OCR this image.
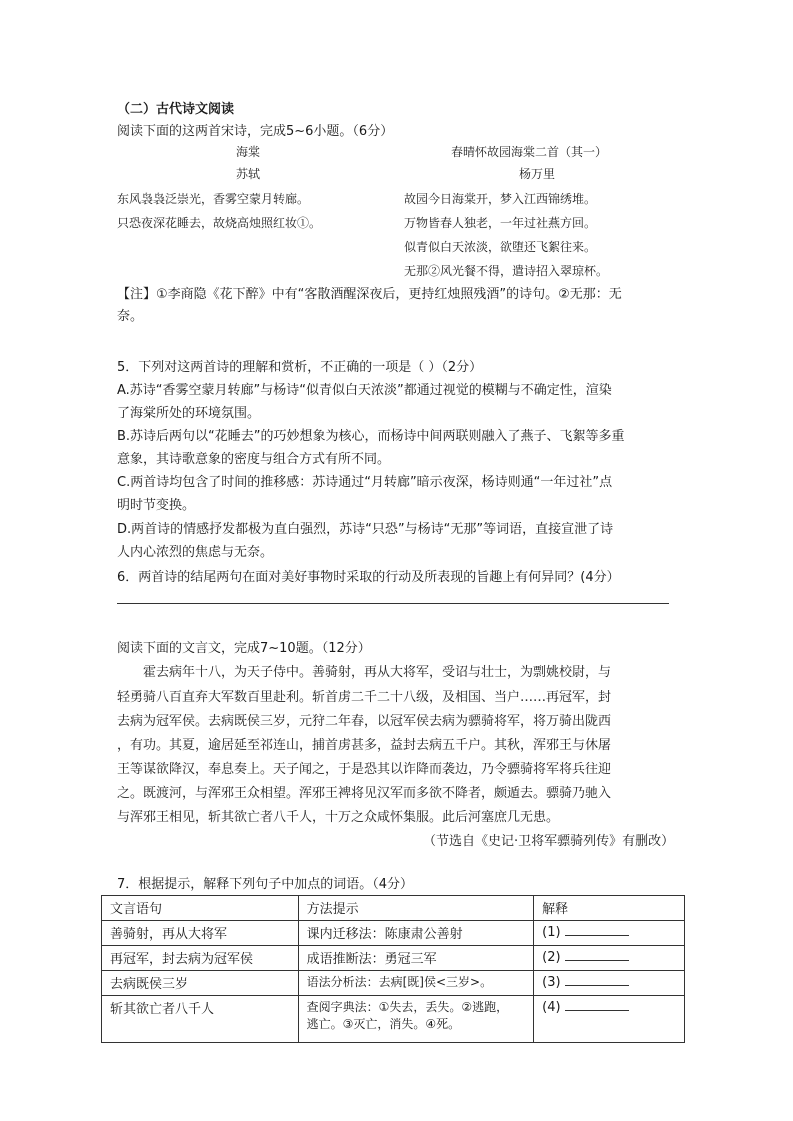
（二）古代诗文阅读
阅读下面的这两首宋诗，完成5~6小题。（6分）
海棠
苏轼
东风袅袅泛崇光，香雾空蒙月转廊。
只恐夜深花睡去，故烧高烛照红妆①。
春晴怀故园海棠二首（其一）
杨万里
故园今日海棠开，梦入江西锦绣堆。
万物皆春人独老，一年过社燕方回。
似青似白天浓淡，欲堕还飞絮往来。
无那②风光餐不得，遣诗招入翠琼杯。
【注】①李商隐《花下醉》中有“客散酒醒深夜后，更持红烛照残酒”的诗句。②无那：无
奈。
5．下列对这两首诗的理解和赏析，不正确的一项是（ ）（2分）
A.苏诗“香雾空蒙月转廊”与杨诗“似青似白天浓淡”都通过视觉的模糊与不确定性，渲染
了海棠所处的环境氛围。
B.苏诗后两句以“花睡去”的巧妙想象为核心，而杨诗中间两联则融入了燕子、飞絮等多重
意象，其诗歌意象的密度与组合方式有所不同。
C.两首诗均包含了时间的推移感：苏诗通过“月转廊”暗示夜深，杨诗则通“一年过社”点
明时节变换。
D.两首诗的情感抒发都极为直白强烈，苏诗“只恐”与杨诗“无那”等词语，直接宣泄了诗
人内心浓烈的焦虑与无奈。
6．两首诗的结尾两句在面对美好事物时采取的行动及所表现的旨趣上有何异同？(4分）
阅读下面的文言文，完成7~10题。（12分）
霍去病年十八，为天子侍中。善骑射，再从大将军，受诏与壮士，为剽姚校尉，与
轻勇骑八百直弃大军数百里赴利。斩首虏二千二十八级，及相国、当户……再冠军，封
去病为冠军侯。去病既侯三岁，元狩二年春，以冠军侯去病为骠骑将军，将万骑出陇西
，有功。其夏，逾居延至祁连山，捕首虏甚多，益封去病五千户。其秋，浑邪王与休屠
王等谋欲降汉，奉息奏上。天子闻之，于是恐其以诈降而袭边，乃令骠骑将军将兵往迎
之。既渡河，与浑邪王众相望。浑邪王裨将见汉军而多欲不降者，颇遁去。骠骑乃驰入
与浑邪王相见，斩其欲亡者八千人，十万之众咸怀集服。此后河塞庶几无患。
（节选自《史记·卫将军骠骑列传》有删改）
7．根据提示，解释下列句子中加点的词语。（4分）
文言语句	方法提示	解释
善骑射，再从大将军	课内迁移法：陈康肃公善射	(1)
再冠军，封去病为冠军侯	成语推断法：勇冠三军	(2)
去病既侯三岁	语法分析法：去病[既]侯<三岁>。	(3)
斩其欲亡者八千人	查阅字典法：①失去，丢失。②逃跑，
逃亡。③灭亡，消失。④死。	(4)
